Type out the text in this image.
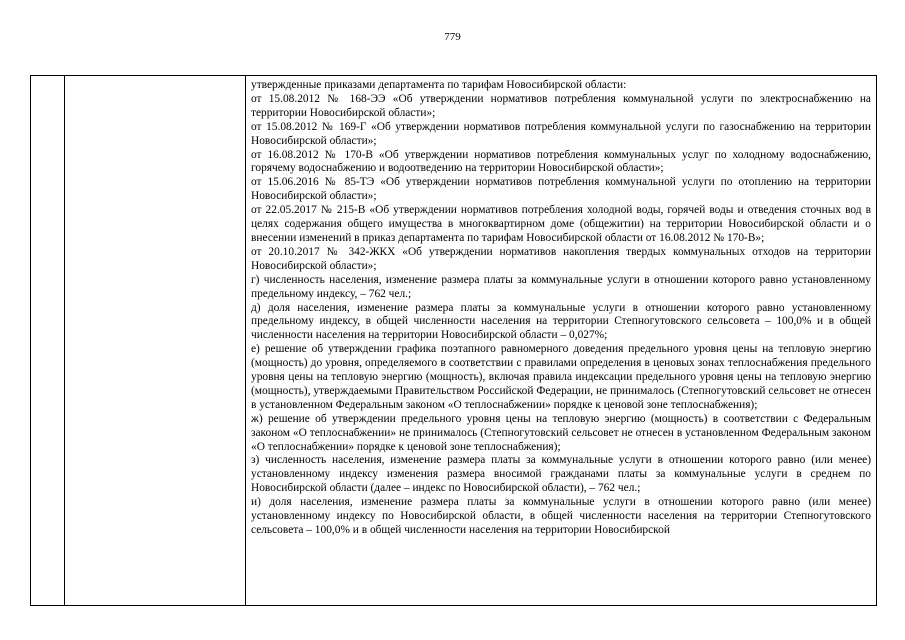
779

утвержденные приказами департамента по тарифам Новосибирской области:

от 15.08.2012 № 168-ЭЭ «Об утверждении нормативов потребления коммунальной услуги по электроснабжению на территории Новосибирской области»;

от 15.08.2012 № 169-Г «Об утверждении нормативов потребления коммунальной услуги по газоснабжению на территории Новосибирской области»;

от 16.08.2012 № 170-В «Об утверждении нормативов потребления коммунальных услуг по холодному водоснабжению, горячему водоснабжению и водоотведению на территории Новосибирской области»;

от 15.06.2016 № 85-ТЭ «Об утверждении нормативов потребления коммунальной услуги по отоплению на территории Новосибирской области»;

от 22.05.2017 № 215-В «Об утверждении нормативов потребления холодной воды, горячей воды и отведения сточных вод в целях содержания общего имущества в многоквартирном доме (общежитии) на территории Новосибирской области и о внесении изменений в приказ департамента по тарифам Новосибирской области от 16.08.2012 № 170-В»;

от 20.10.2017 № 342-ЖКХ «Об утверждении нормативов накопления твердых коммунальных отходов на территории Новосибирской области»;

г) численность населения, изменение размера платы за коммунальные услуги в отношении которого равно установленному предельному индексу, – 762 чел.;

д) доля населения, изменение размера платы за коммунальные услуги в отношении которого равно установленному предельному индексу, в общей численности населения на территории Степногутовского сельсовета – 100,0% и в общей численности населения на территории Новосибирской области – 0,027%;

е) решение об утверждении графика поэтапного равномерного доведения предельного уровня цены на тепловую энергию (мощность) до уровня, определяемого в соответствии с правилами определения в ценовых зонах теплоснабжения предельного уровня цены на тепловую энергию (мощность), включая правила индексации предельного уровня цены на тепловую энергию (мощность), утверждаемыми Правительством Российской Федерации, не принималось (Степногутовский сельсовет не отнесен в установленном Федеральным законом «О теплоснабжении» порядке к ценовой зоне теплоснабжения);

ж) решение об утверждении предельного уровня цены на тепловую энергию (мощность) в соответствии с Федеральным законом «О теплоснабжении» не принималось (Степногутовский сельсовет не отнесен в установленном Федеральным законом «О теплоснабжении» порядке к ценовой зоне теплоснабжения);

з) численность населения, изменение размера платы за коммунальные услуги в отношении которого равно (или менее) установленному индексу изменения размера вносимой гражданами платы за коммунальные услуги в среднем по Новосибирской области (далее – индекс по Новосибирской области), – 762 чел.;

и) доля населения, изменение размера платы за коммунальные услуги в отношении которого равно (или менее) установленному индексу по Новосибирской области, в общей численности населения на территории Степногутовского сельсовета – 100,0% и в общей численности населения на территории Новосибирской
